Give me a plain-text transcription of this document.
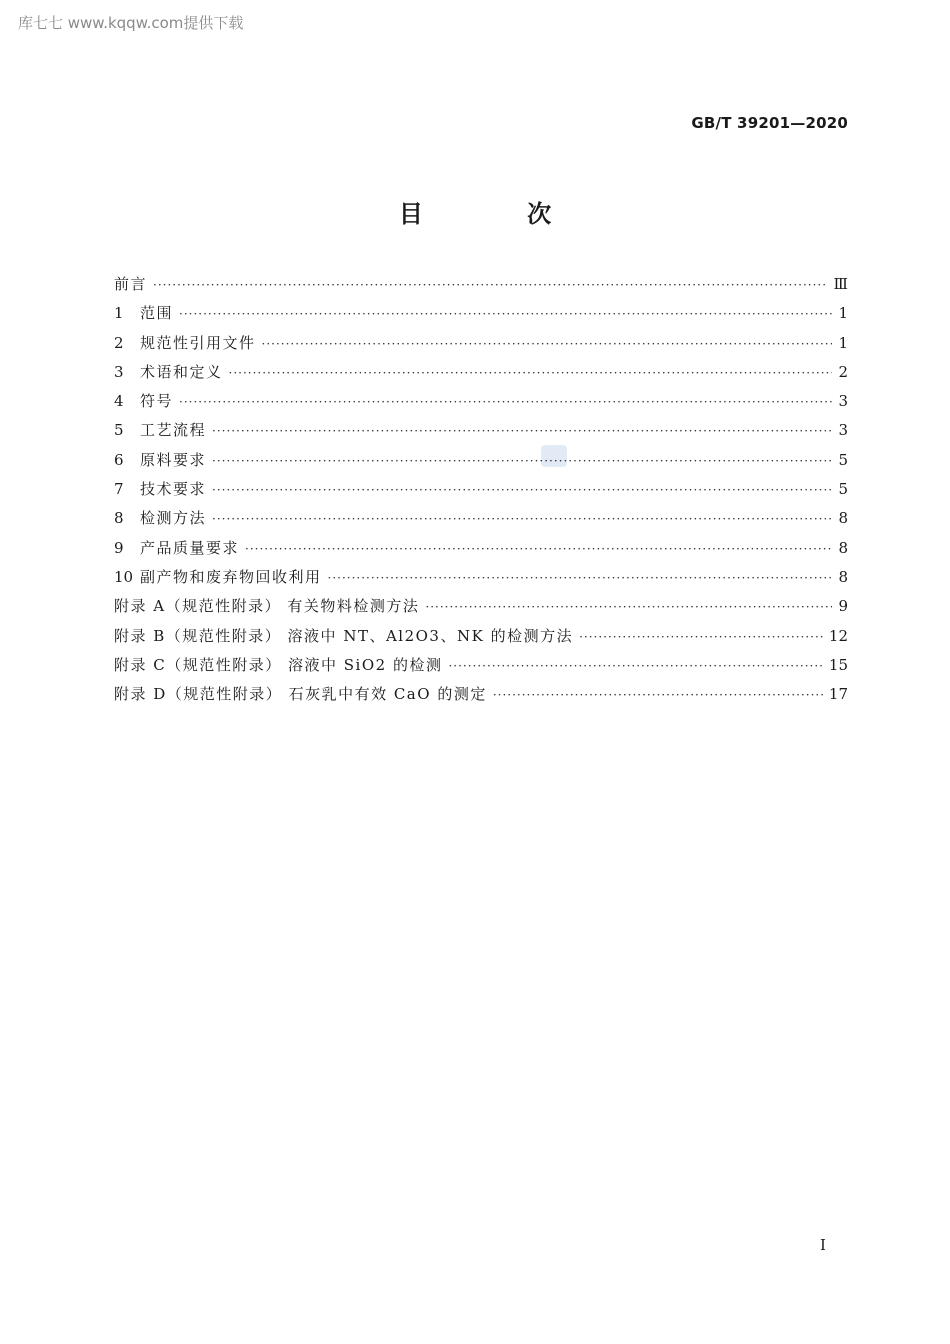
库七七 www.kqqw.com提供下载
GB/T 39201—2020
目 次
前言 ·····	Ⅲ
1	范围 ·····	1
2	规范性引用文件 ·····	1
3	术语和定义 ·····	2
4	符号 ·····	3
5	工艺流程 ·····	3
6	原料要求 ·····	5
7	技术要求 ·····	5
8	检测方法 ·····	8
9	产品质量要求 ·····	8
10 副产物和废弃物回收利用 ·····	8
附录 A（规范性附录） 有关物料检测方法 ·····	9
附录 B（规范性附录） 溶液中 NT、Al2O3、NK 的检测方法 ·····	12
附录 C（规范性附录） 溶液中 SiO2 的检测 ·····	15
附录 D（规范性附录） 石灰乳中有效 CaO 的测定 ·····	17
I
